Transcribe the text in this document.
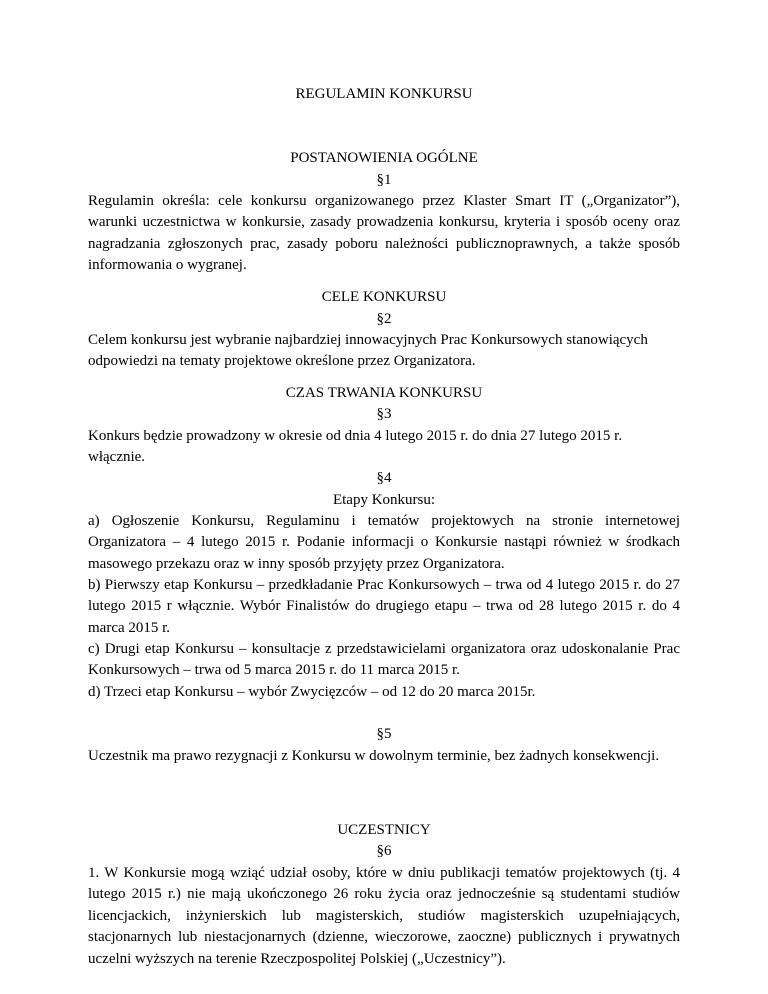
REGULAMIN KONKURSU
POSTANOWIENIA OGÓLNE
§1
Regulamin określa: cele konkursu organizowanego przez Klaster Smart IT („Organizator”), warunki uczestnictwa w konkursie, zasady prowadzenia konkursu, kryteria i sposób oceny oraz nagradzania zgłoszonych prac, zasady poboru należności publicznoprawnych, a także sposób informowania o wygranej.
CELE KONKURSU
§2
Celem konkursu jest wybranie najbardziej innowacyjnych Prac Konkursowych stanowiących odpowiedzi na tematy projektowe określone przez Organizatora.
CZAS TRWANIA KONKURSU
§3
Konkurs będzie prowadzony w okresie od dnia 4 lutego 2015 r. do dnia 27 lutego 2015 r. włącznie.
§4
Etapy Konkursu:
a) Ogłoszenie Konkursu, Regulaminu i tematów projektowych na stronie internetowej Organizatora – 4 lutego 2015 r. Podanie informacji o Konkursie nastąpi również w środkach masowego przekazu oraz w inny sposób przyjęty przez Organizatora.
b) Pierwszy etap Konkursu – przedkładanie Prac Konkursowych – trwa od 4 lutego 2015 r. do 27 lutego 2015 r włącznie. Wybór Finalistów do drugiego etapu – trwa od 28 lutego 2015 r. do 4 marca 2015 r.
c) Drugi etap Konkursu – konsultacje z przedstawicielami organizatora oraz udoskonalanie Prac Konkursowych – trwa od 5 marca 2015 r. do 11 marca 2015 r.
d) Trzeci etap Konkursu – wybór Zwycięzców – od 12 do 20 marca 2015r.
§5
Uczestnik ma prawo rezygnacji z Konkursu w dowolnym terminie, bez żadnych konsekwencji.
UCZESTNICY
§6
1. W Konkursie mogą wziąć udział osoby, które w dniu publikacji tematów projektowych (tj. 4 lutego 2015 r.) nie mają ukończonego 26 roku życia oraz jednocześnie są studentami studiów licencjackich, inżynierskich lub magisterskich, studiów magisterskich uzupełniających, stacjonarnych lub niestacjonarnych (dzienne, wieczorowe, zaoczne) publicznych i prywatnych uczelni wyższych na terenie Rzeczpospolitej Polskiej („Uczestnicy”).
